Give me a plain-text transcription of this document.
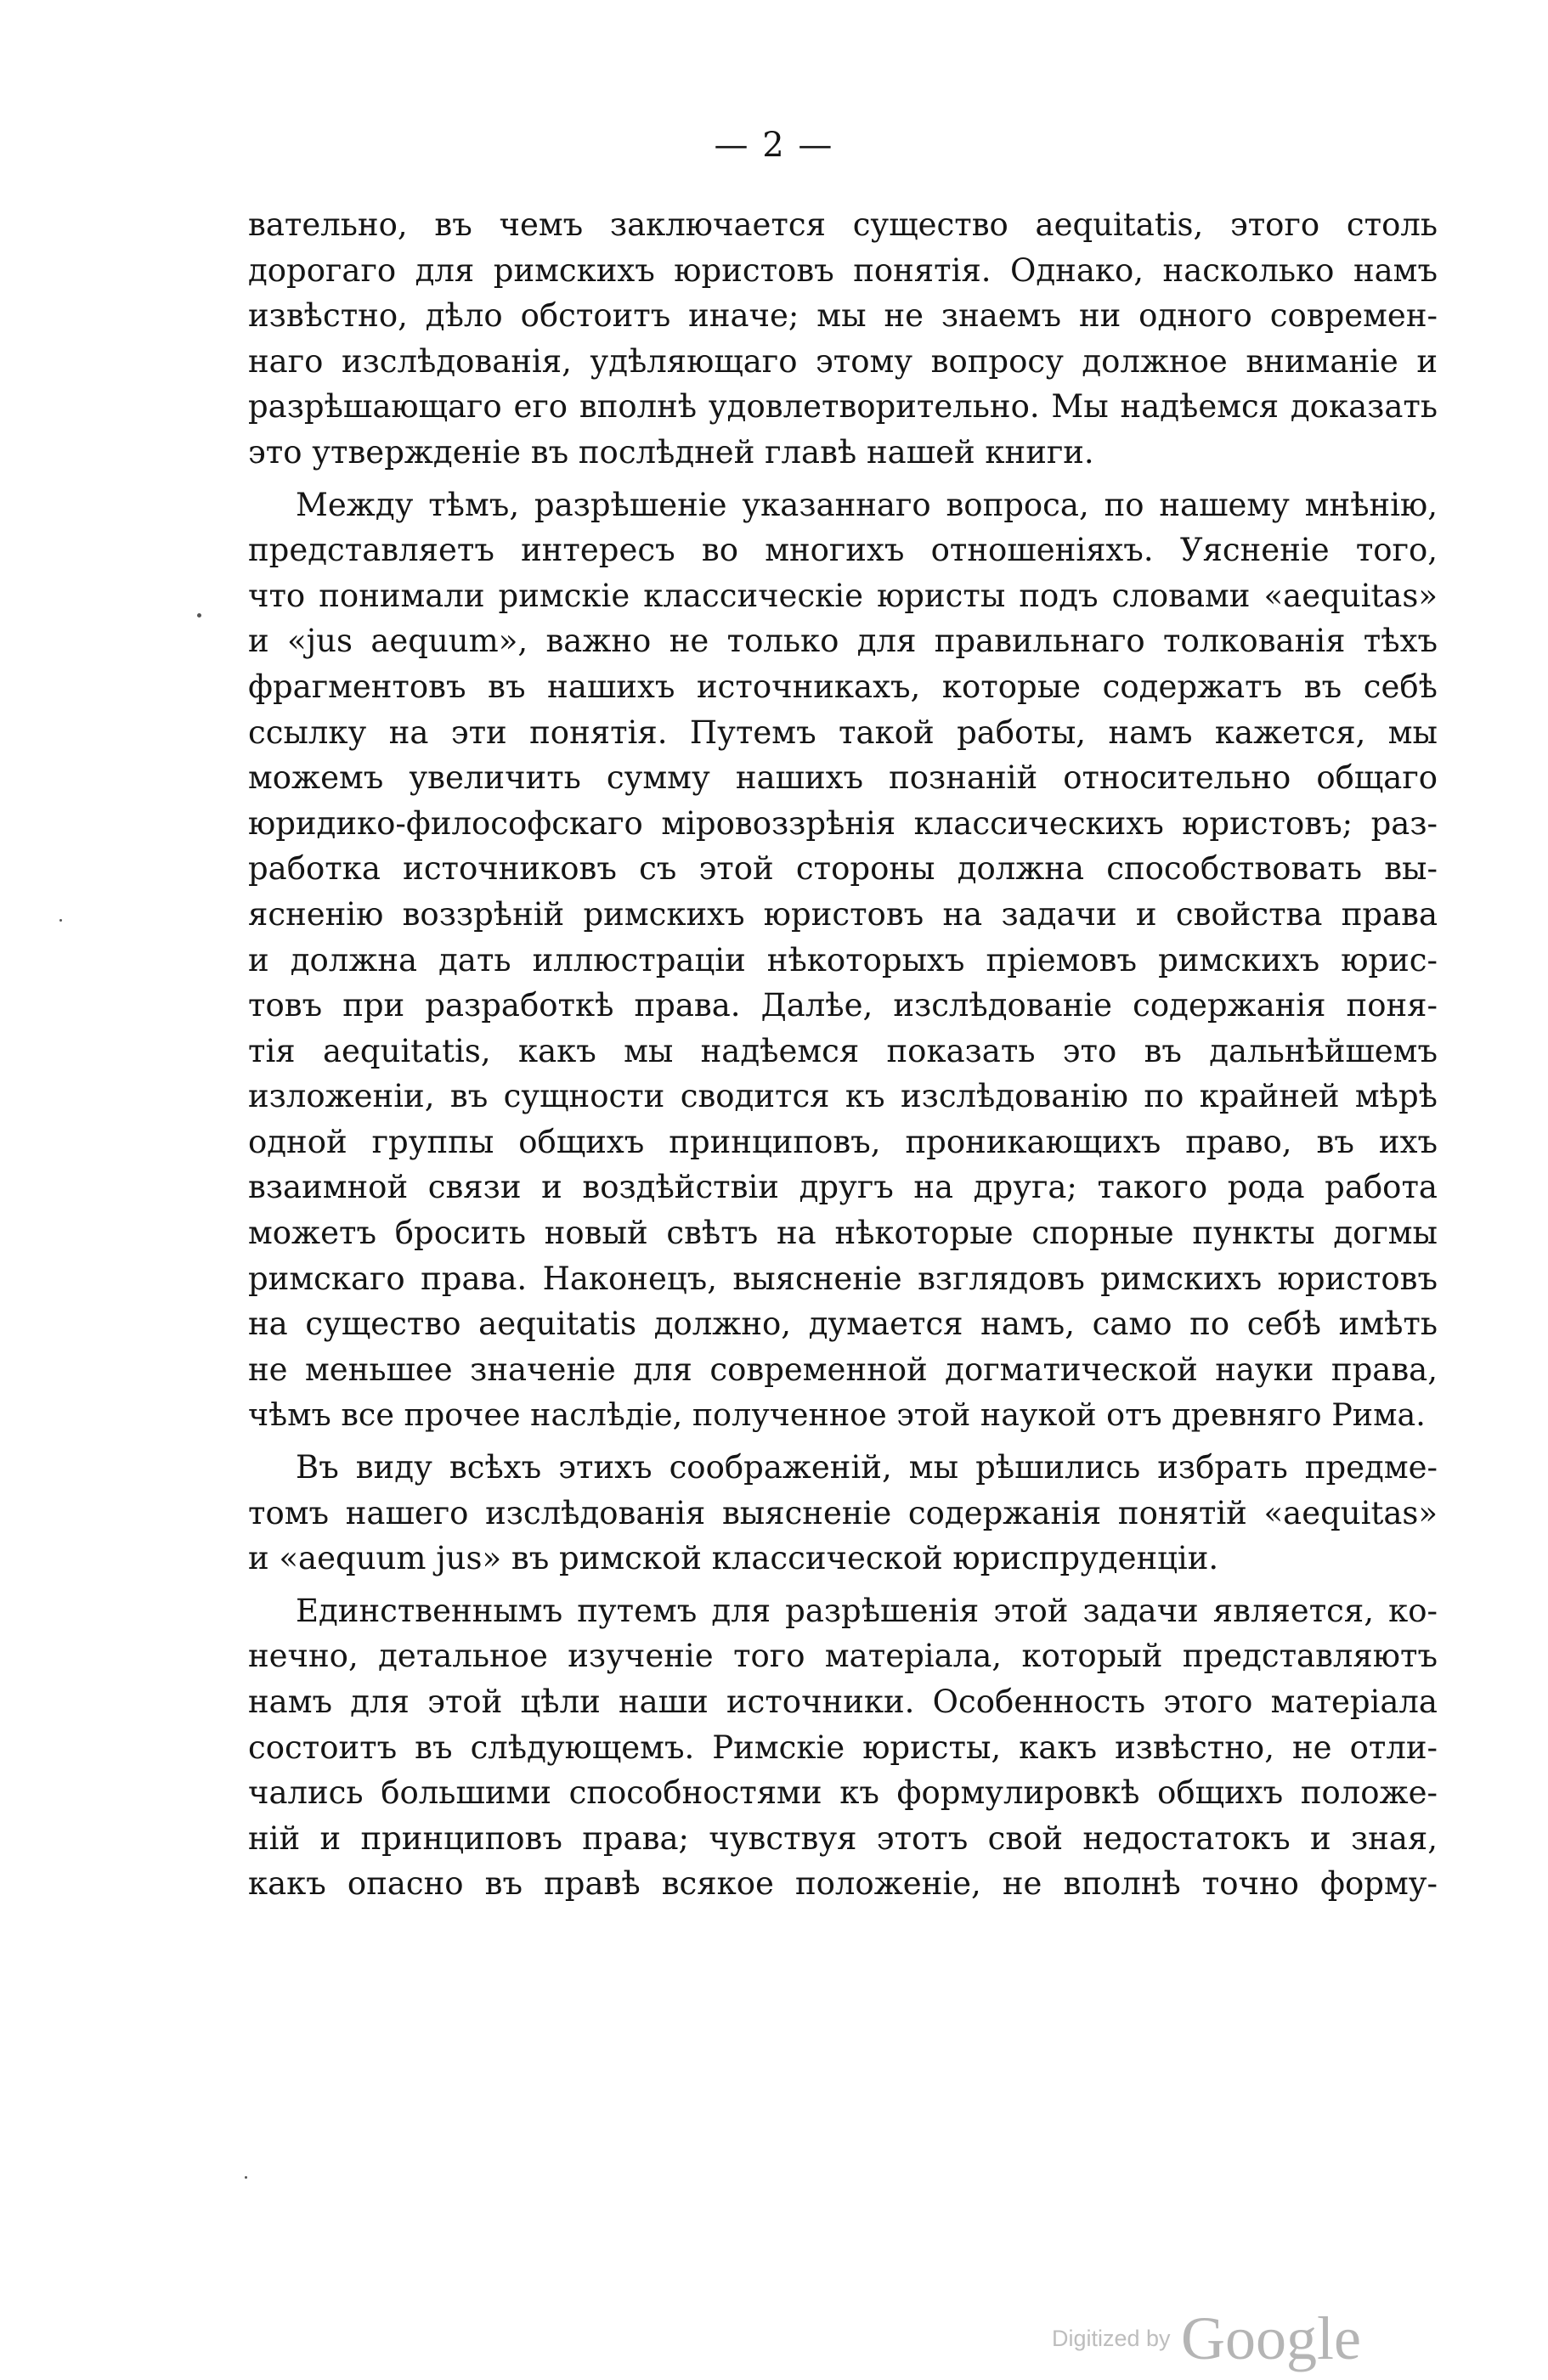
— 2 —
вательно, въ чемъ заключается существо aequitatis, этого столь
дорогаго для римскихъ юристовъ понятія. Однако, насколько намъ
извѣстно, дѣло обстоитъ иначе; мы не знаемъ ни одного современ-
наго изслѣдованія, удѣляющаго этому вопросу должное вниманіе и
разрѣшающаго его вполнѣ удовлетворительно. Мы надѣемся доказать
это утвержденіе въ послѣдней главѣ нашей книги.
Между тѣмъ, разрѣшеніе указаннаго вопроса, по нашему мнѣнію,
представляетъ интересъ во многихъ отношеніяхъ. Уясненіе того,
что понимали римскіе классическіе юристы подъ словами «aequitas»
и «jus aequum», важно не только для правильнаго толкованія тѣхъ
фрагментовъ въ нашихъ источникахъ, которые содержатъ въ себѣ
ссылку на эти понятія. Путемъ такой работы, намъ кажется, мы
можемъ увеличить сумму нашихъ познаній относительно общаго
юридико-философскаго міровоззрѣнія классическихъ юристовъ; раз-
работка источниковъ съ этой стороны должна способствовать вы-
ясненію воззрѣній римскихъ юристовъ на задачи и свойства права
и должна дать иллюстраціи нѣкоторыхъ пріемовъ римскихъ юрис-
товъ при разработкѣ права. Далѣе, изслѣдованіе содержанія поня-
тія aequitatis, какъ мы надѣемся показать это въ дальнѣйшемъ
изложеніи, въ сущности сводится къ изслѣдованію по крайней мѣрѣ
одной группы общихъ принциповъ, проникающихъ право, въ ихъ
взаимной связи и воздѣйствіи другъ на друга; такого рода работа
можетъ бросить новый свѣтъ на нѣкоторые спорные пункты догмы
римскаго права. Наконецъ, выясненіе взглядовъ римскихъ юристовъ
на существо aequitatis должно, думается намъ, само по себѣ имѣть
не меньшее значеніе для современной догматической науки права,
чѣмъ все прочее наслѣдіе, полученное этой наукой отъ древняго Рима.
Въ виду всѣхъ этихъ соображеній, мы рѣшились избрать предме-
томъ нашего изслѣдованія выясненіе содержанія понятій «aequitas»
и «aequum jus» въ римской классической юриспруденціи.
Единственнымъ путемъ для разрѣшенія этой задачи является, ко-
нечно, детальное изученіе того матеріала, который представляютъ
намъ для этой цѣли наши источники. Особенность этого матеріала
состоитъ въ слѣдующемъ. Римскіе юристы, какъ извѣстно, не отли-
чались большими способностями къ формулировкѣ общихъ положе-
ній и принциповъ права; чувствуя этотъ свой недостатокъ и зная,
какъ опасно въ правѣ всякое положеніе, не вполнѣ точно форму-
Digitized by Google
